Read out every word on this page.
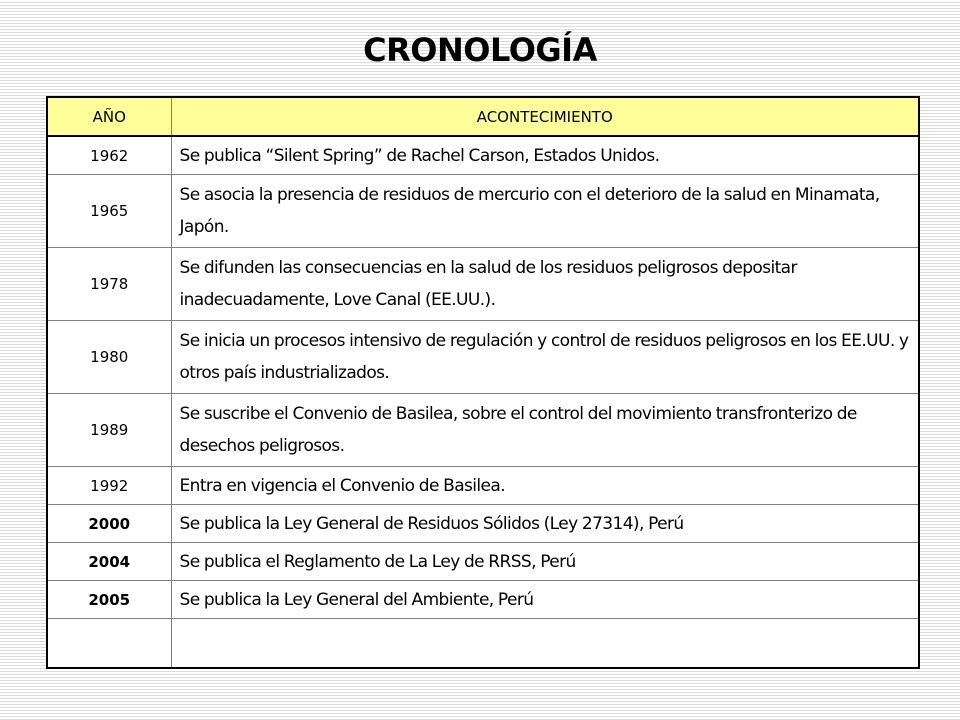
CRONOLOGÍA
AÑO	ACONTECIMIENTO
1962	Se publica “Silent Spring” de Rachel Carson, Estados Unidos.
1965	Se asocia la presencia de residuos de mercurio con el deterioro de la salud en Minamata, Japón.
1978	Se difunden las consecuencias en la salud de los residuos peligrosos depositar inadecuadamente, Love Canal (EE.UU.).
1980	Se inicia un procesos intensivo de regulación y control de residuos peligrosos en los EE.UU. y otros país industrializados.
1989	Se suscribe el Convenio de Basilea, sobre el control del movimiento transfronterizo de desechos peligrosos.
1992	Entra en vigencia el Convenio de Basilea.
2000	Se publica la Ley General de Residuos Sólidos (Ley 27314), Perú
2004	Se publica el Reglamento de La Ley de RRSS, Perú
2005	Se publica la Ley General del Ambiente, Perú
